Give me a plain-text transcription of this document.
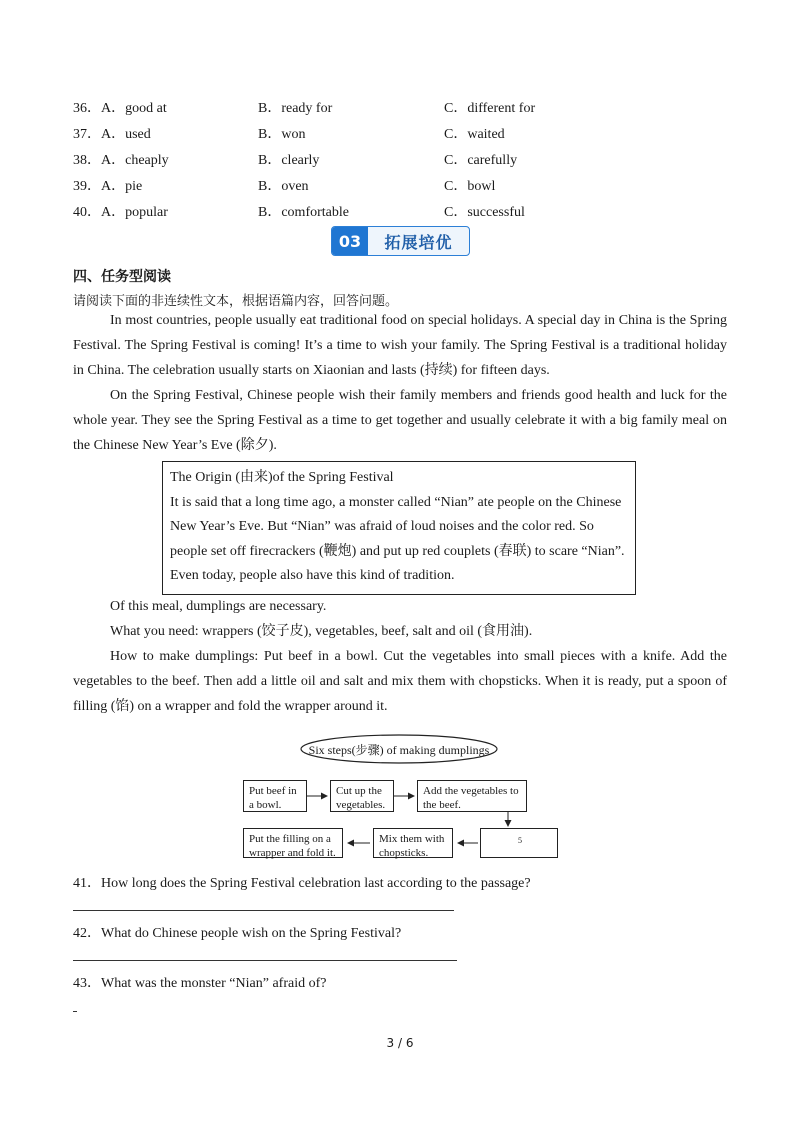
36．A．good at	B．ready for	C．different for
37．A．used	B．won	C．waited
38．A．cheaply	B．clearly	C．carefully
39．A．pie	B．oven	C．bowl
40．A．popular	B．comfortable	C．successful
03	拓展培优
四、任务型阅读
请阅读下面的非连续性文本，根据语篇内容，回答问题。
In most countries, people usually eat traditional food on special holidays. A special day in China is the Spring Festival. The Spring Festival is coming! It’s a time to wish your family. The Spring Festival is a traditional holiday in China. The celebration usually starts on Xiaonian and lasts (持续) for fifteen days.
On the Spring Festival, Chinese people wish their family members and friends good health and luck for the whole year. They see the Spring Festival as a time to get together and usually celebrate it with a big family meal on the Chinese New Year’s Eve (除夕).
The Origin (由来)of the Spring Festival
It is said that a long time ago, a monster called “Nian” ate people on the Chinese New Year’s Eve. But “Nian” was afraid of loud noises and the color red. So people set off firecrackers (鞭炮) and put up red couplets (春联) to scare “Nian”. Even today, people also have this kind of tradition.
Of this meal, dumplings are necessary.
What you need: wrappers (饺子皮), vegetables, beef, salt and oil (食用油).
How to make dumplings: Put beef in a bowl. Cut the vegetables into small pieces with a knife. Add the vegetables to the beef. Then add a little oil and salt and mix them with chopsticks. When it is ready, put a spoon of filling (馅) on a wrapper and fold the wrapper around it.
Six steps(步骤) of making dumplings
Put beef in a bowl.
Cut up the vegetables.
Add the vegetables to the beef.
5
Mix them with chopsticks.
Put the filling on a wrapper and fold it.
41．How long does the Spring Festival celebration last according to the passage?
42．What do Chinese people wish on the Spring Festival?
43．What was the monster “Nian” afraid of?
3 / 6
